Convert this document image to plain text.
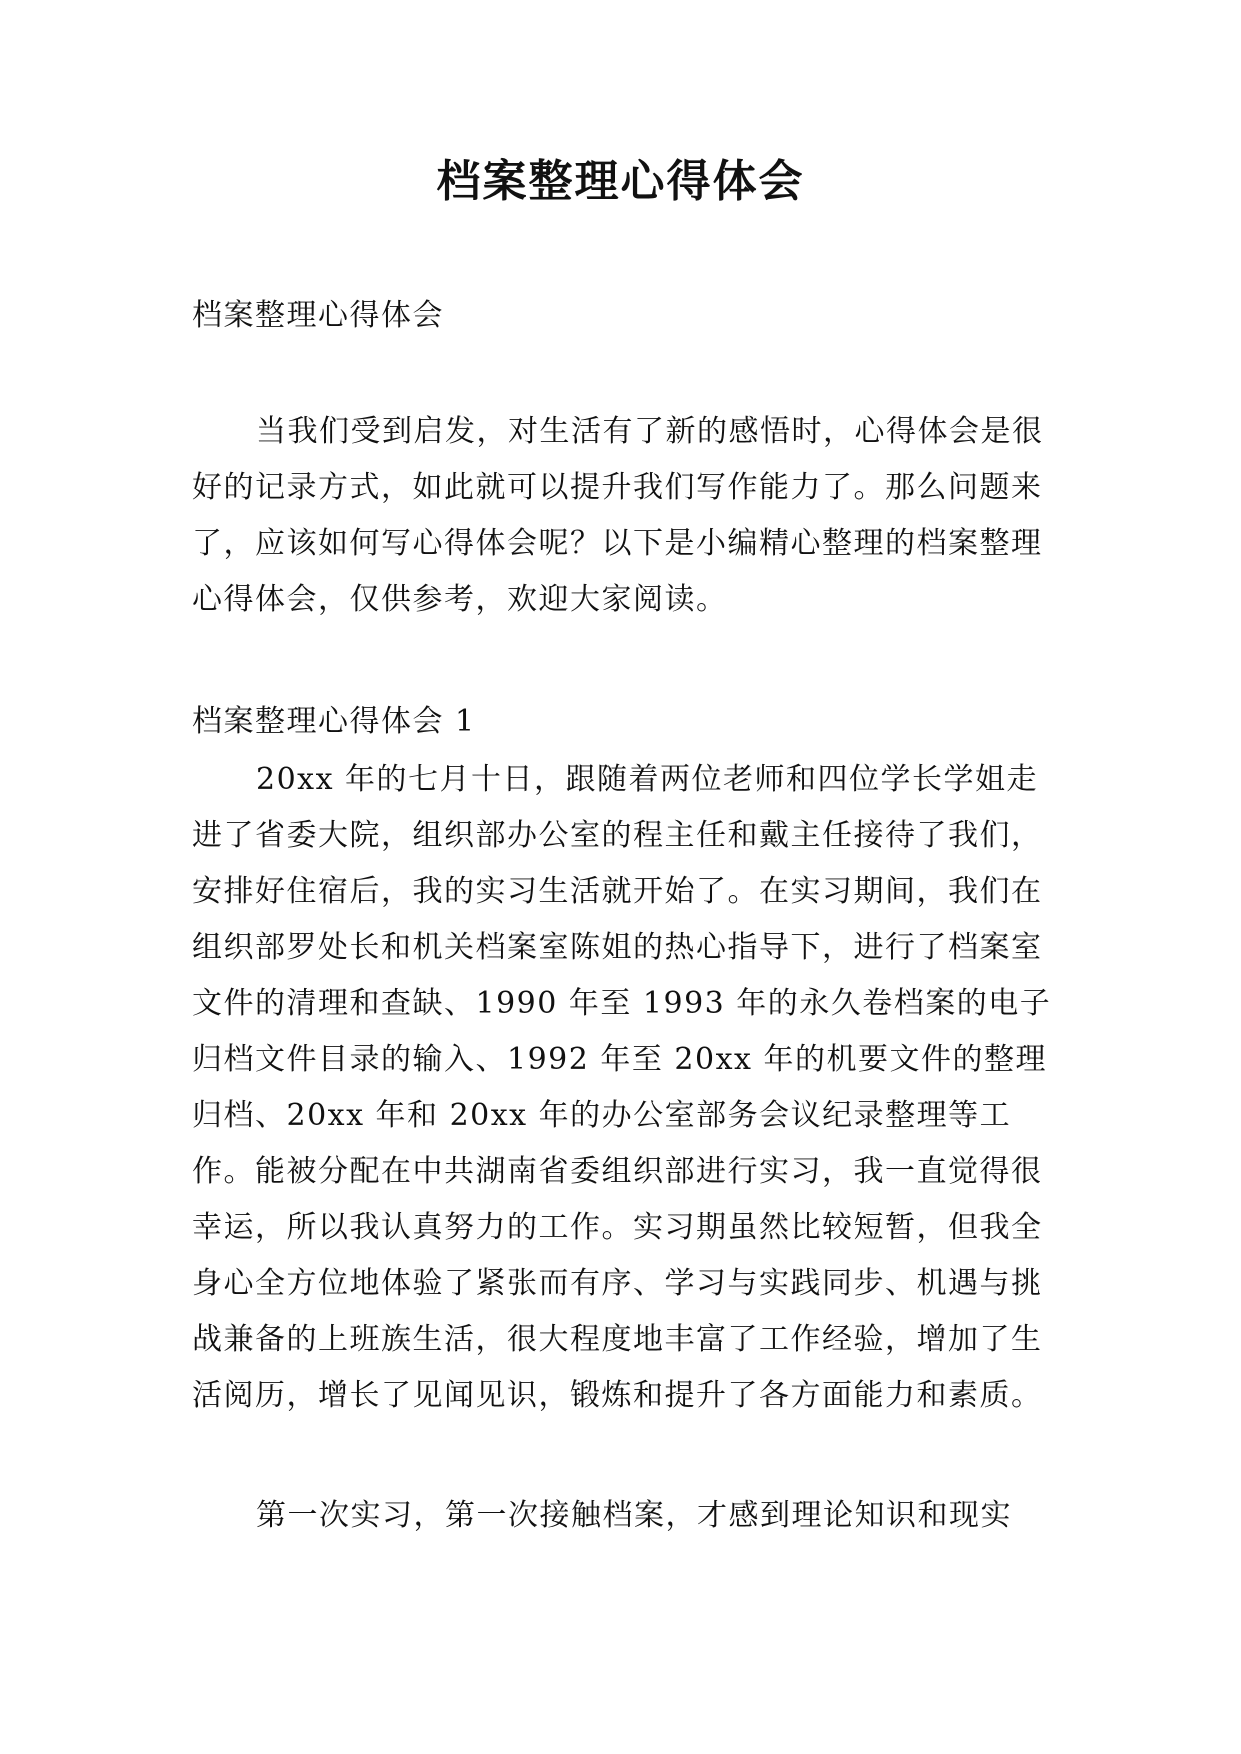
档案整理心得体会

档案整理心得体会

当我们受到启发，对生活有了新的感悟时，心得体会是很好的记录方式，如此就可以提升我们写作能力了。那么问题来了，应该如何写心得体会呢？以下是小编精心整理的档案整理心得体会，仅供参考，欢迎大家阅读。

档案整理心得体会 1

20xx 年的七月十日，跟随着两位老师和四位学长学姐走进了省委大院，组织部办公室的程主任和戴主任接待了我们，安排好住宿后，我的实习生活就开始了。在实习期间，我们在组织部罗处长和机关档案室陈姐的热心指导下，进行了档案室文件的清理和查缺、1990 年至 1993 年的永久卷档案的电子归档文件目录的输入、1992 年至 20xx 年的机要文件的整理归档、20xx 年和 20xx 年的办公室部务会议纪录整理等工作。能被分配在中共湖南省委组织部进行实习，我一直觉得很幸运，所以我认真努力的工作。实习期虽然比较短暂，但我全身心全方位地体验了紧张而有序、学习与实践同步、机遇与挑战兼备的上班族生活，很大程度地丰富了工作经验，增加了生活阅历，增长了见闻见识，锻炼和提升了各方面能力和素质。

第一次实习，第一次接触档案，才感到理论知识和现实
